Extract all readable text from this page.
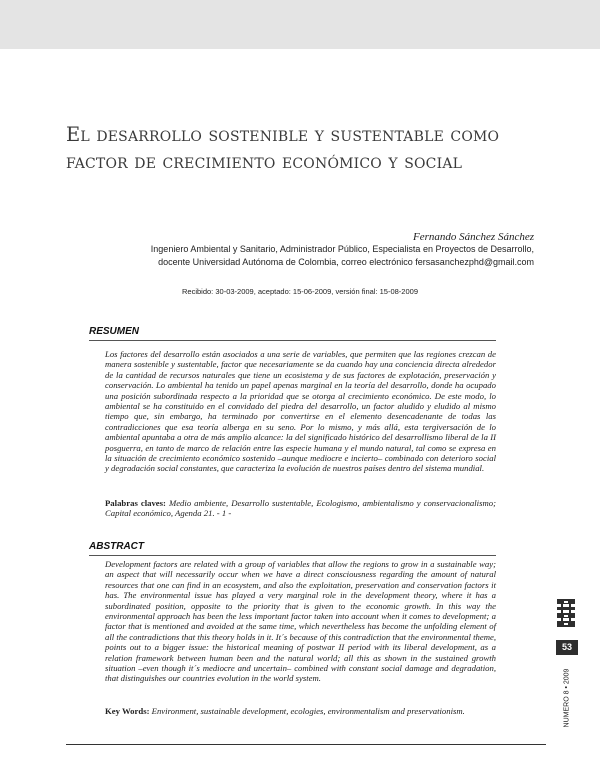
El desarrollo sostenible y sustentable como factor de crecimiento económico y social
Fernando Sánchez Sánchez
Ingeniero Ambiental y Sanitario, Administrador Público, Especialista en Proyectos de Desarrollo,
docente Universidad Autónoma de Colombia, correo electrónico fersasanchezphd@gmail.com
Recibido: 30-03-2009, aceptado: 15-06-2009, versión final: 15-08-2009
RESUMEN

Los factores del desarrollo están asociados a una serie de variables, que permiten que las regiones crezcan de manera sostenible y sustentable, factor que necesariamente se da cuando hay una conciencia directa alrededor de la cantidad de recursos naturales que tiene un ecosistema y de sus factores de explotación, preservación y conservación. Lo ambiental ha tenido un papel apenas marginal en la teoría del desarrollo, donde ha ocupado una posición subordinada respecto a la prioridad que se otorga al crecimiento económico. De este modo, lo ambiental se ha constituido en el convidado del piedra del desarrollo, un factor aludido y eludido al mismo tiempo que, sin embargo, ha terminado por convertirse en el elemento desencadenante de todas las contradicciones que esa teoría alberga en su seno. Por lo mismo, y más allá, esta tergiversación de lo ambiental apuntaba a otra de más amplio alcance: la del significado histórico del desarrollismo liberal de la II posguerra, en tanto de marco de relación entre las especie humana y el mundo natural, tal como se expresa en la situación de crecimiento económico sostenido –aunque mediocre e incierto– combinado con deterioro social y degradación social constantes, que caracteriza la evolución de nuestros países dentro del sistema mundial.

Palabras claves: Medio ambiente, Desarrollo sustentable, Ecologismo, ambientalismo y conservacionalismo; Capital económico, Agenda 21. - 1 -

ABSTRACT

Development factors are related with a group of variables that allow the regions to grow in a sustainable way; an aspect that will necessarily occur when we have a direct consciousness regarding the amount of natural resources that one can find in an ecosystem, and also the exploitation, preservation and conservation factors it has. The environmental issue has played a very marginal role in the development theory, where it has a subordinated position, opposite to the priority that is given to the economic growth. In this way the environmental approach has been the less important factor taken into account when it comes to development; a factor that is mentioned and avoided at the same time, which nevertheless has become the unfolding element of all the contradictions that this theory holds in it. It´s because of this contradiction that the environmental theme, points out to a bigger issue: the historical meaning of postwar II period with its liberal development, as a relation framework between human been and the natural world; all this as shown in the sustained growth situation –even though it´s mediocre and uncertain– combined with constant social damage and degradation, that distinguishes our countries evolution in the world system.

Key Words: Environment, sustainable development, ecologies, environmentalism and preservationism.

53
NUMERO 8 • 2009
